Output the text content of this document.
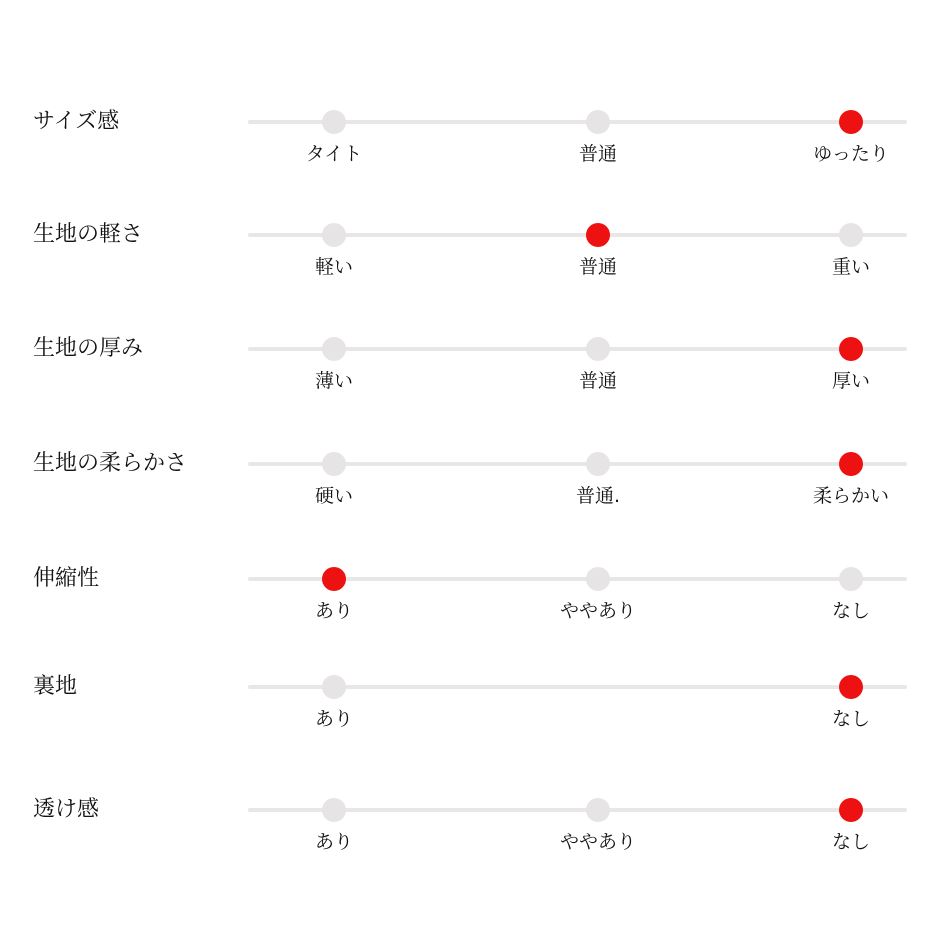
サイズ感
タイト	普通	ゆったり
生地の軽さ
軽い	普通	重い
生地の厚み
薄い	普通	厚い
生地の柔らかさ
硬い	普通.	柔らかい
伸縮性
あり	ややあり	なし
裏地
あり	なし
透け感
あり	ややあり	なし
